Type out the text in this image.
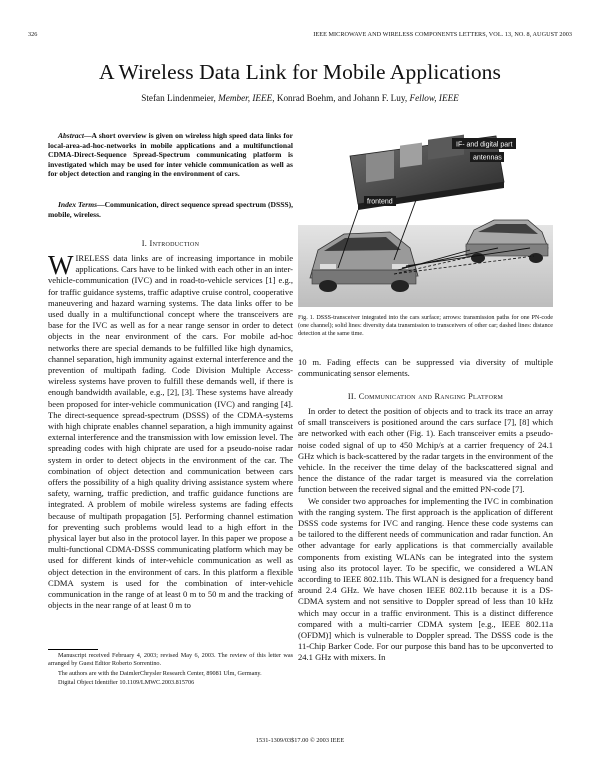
326	IEEE MICROWAVE AND WIRELESS COMPONENTS LETTERS, VOL. 13, NO. 8, AUGUST 2003
A Wireless Data Link for Mobile Applications
Stefan Lindenmeier, Member, IEEE, Konrad Boehm, and Johann F. Luy, Fellow, IEEE
Abstract—A short overview is given on wireless high speed data links for local-area-ad-hoc-networks in mobile applications and a multifunctional CDMA-Direct-Sequence Spread-Spectrum communicating platform is investigated which may be used for inter vehicle communication as well as for object detection and ranging in the environment of cars.
Index Terms—Communication, direct sequence spread spectrum (DSSS), mobile, wireless.
I. Introduction
WIRELESS data links are of increasing importance in mobile applications. Cars have to be linked with each other in an inter-vehicle-communication (IVC) and in road-to-vehicle services [1] e.g., for traffic guidance systems, traffic adaptive cruise control, cooperative maneuvering and hazard warning systems. The data links offer to be used dually in a multifunctional concept where the transceivers are base for the IVC as well as for a near range sensor in order to detect objects in the near environment of the cars. For mobile ad-hoc networks there are special demands to be fulfilled like high dynamics, channel separation, high immunity against external interference and the prevention of multipath fading. Code Division Multiple Access-wireless systems have proven to fulfill these demands well, if there is enough bandwidth available, e.g., [2], [3]. These systems have already been proposed for inter-vehicle communication (IVC) and ranging [4]. The direct-sequence spread-spectrum (DSSS) of the CDMA-systems with high chiprate enables channel separation, a high immunity against external interference and the transmission with low emission level. The spreading codes with high chiprate are used for a pseudo-noise radar system in order to detect objects in the environment of the car. The combination of object detection and communication between cars offers the possibility of a high quality driving assistance system where safety, warning, traffic prediction, and traffic guidance functions are integrated. A problem of mobile wireless systems are fading effects because of multipath propagation [5]. Performing channel estimation for preventing such problems would lead to a high effort in the physical layer but also in the protocol layer. In this paper we propose a multi-functional CDMA-DSSS communicating platform which may be used for different kinds of inter-vehicle communication as well as object detection in the environment of cars. In this platform a flexible CDMA system is used for the combination of inter-vehicle communication in the range of at least 0 m to 50 m and the tracking of objects in the near range of at least 0 m to
IF- and digital part
antennas
frontend
Fig. 1. DSSS-transceiver integrated into the cars surface; arrows: transmission paths for one PN-code (one channel); solid lines: diversity data transmission to transceivers of other car; dashed lines: distance detection at the same time.
10 m. Fading effects can be suppressed via diversity of multiple communicating sensor elements.
II. Communication and Ranging Platform

In order to detect the position of objects and to track its trace an array of small transceivers is positioned around the cars surface [7], [8] which are networked with each other (Fig. 1). Each transceiver emits a pseudo-noise coded signal of up to 450 Mchip/s at a carrier frequency of 24.1 GHz which is back-scattered by the radar targets in the environment of the vehicle. In the receiver the time delay of the backscattered signal and hence the distance of the radar target is measured via the correlation function between the received signal and the emitted PN-code [7].

We consider two approaches for implementing the IVC in combination with the ranging system. The first approach is the application of different DSSS code systems for IVC and ranging. Hence these code systems can be tailored to the different needs of communication and radar function. An other advantage for early applications is that commercially available components from existing WLANs can be integrated into the system using also its protocol layer. To be specific, we considered a WLAN according to IEEE 802.11b. This WLAN is designed for a frequency band around 2.4 GHz. We have chosen IEEE 802.11b because it is a DS-CDMA system and not sensitive to Doppler spread of less than 10 kHz which may occur in a traffic environment. This is a distinct difference compared with a multi-carrier CDMA system [e.g., IEEE 802.11a (OFDM)] which is vulnerable to Doppler spread. The DSSS code is the 11-Chip Barker Code. For our purpose this band has to be upconverted to 24.1 GHz with mixers. In

Manuscript received February 4, 2003; revised May 6, 2003. The review of this letter was arranged by Guest Editor Roberto Sorrentino.

The authors are with the DaimlerChrysler Research Center, 89081 Ulm, Germany.

Digital Object Identifier 10.1109/LMWC.2003.815706

1531-1309/03$17.00 © 2003 IEEE
